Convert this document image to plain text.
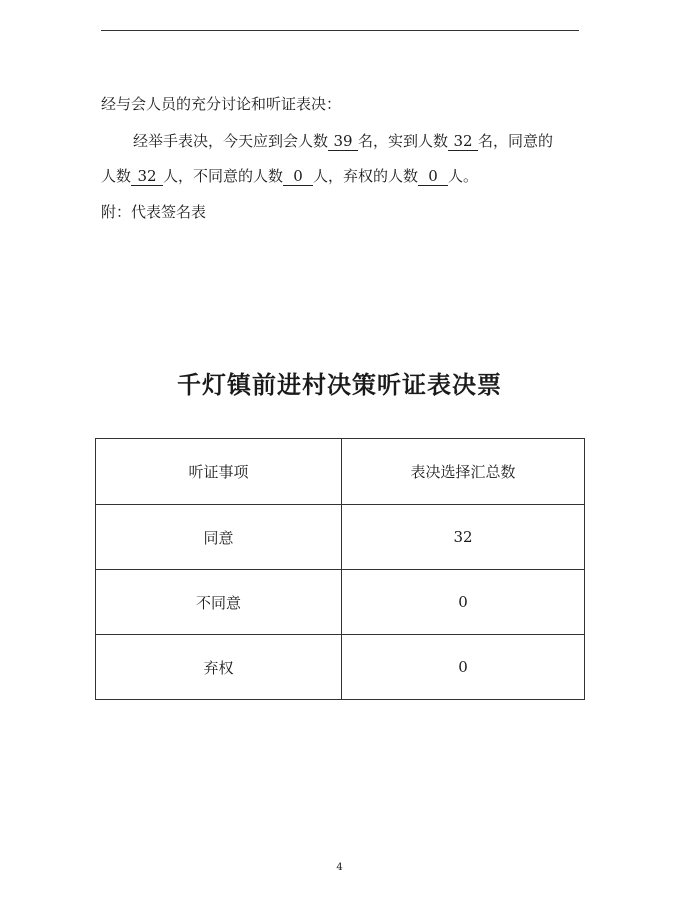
经与会人员的充分讨论和听证表决：
经举手表决，今天应到会人数 39 名，实到人数 32 名，同意的
人数 32 人，不同意的人数 0 人，弃权的人数 0 人。
附：代表签名表
千灯镇前进村决策听证表决票
听证事项	表决选择汇总数
同意	32
不同意	0
弃权	0
4
